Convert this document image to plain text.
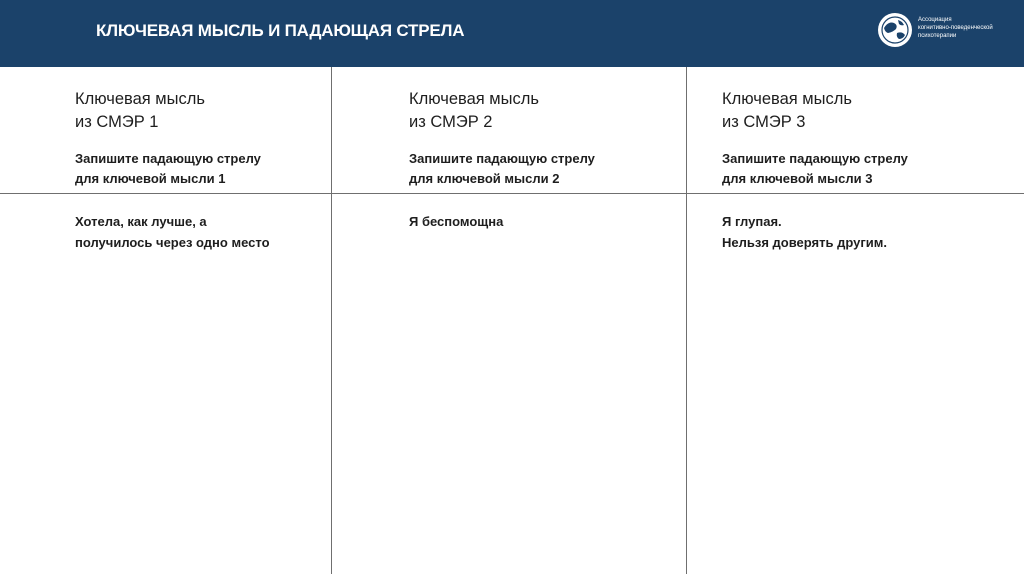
КЛЮЧЕВАЯ МЫСЛЬ И ПАДАЮЩАЯ СТРЕЛА
Ассоциация
когнитивно-поведенческой
психотерапии
Ключевая мысль
из СМЭР 1
Запишите падающую стрелу
для ключевой мысли 1
Хотела, как лучше, а
получилось через одно место
Ключевая мысль
из СМЭР 2
Запишите падающую стрелу
для ключевой мысли 2
Я беспомощна
Ключевая мысль
из СМЭР 3
Запишите падающую стрелу
для ключевой мысли 3
Я глупая.
Нельзя доверять другим.
